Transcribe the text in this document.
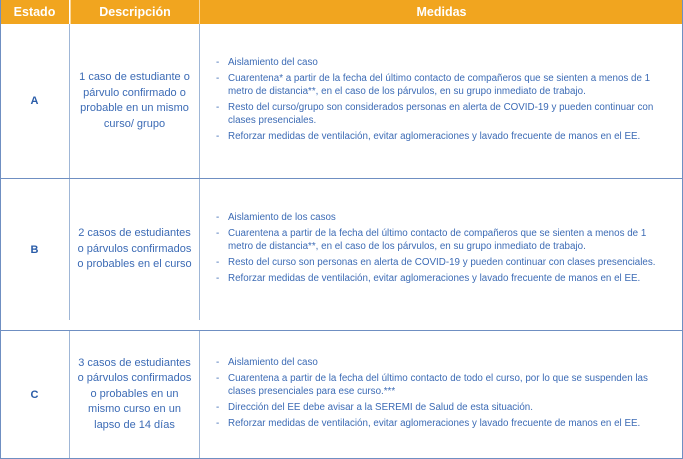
Estado	Descripción	Medidas
A
1 caso de estudiante o párvulo confirmado o probable en un mismo curso/ grupo
- Aislamiento del caso
- Cuarentena* a partir de la fecha del último contacto de compañeros que se sienten a menos de 1 metro de distancia**, en el caso de los párvulos, en su grupo inmediato de trabajo.
- Resto del curso/grupo son considerados personas en alerta de COVID-19 y pueden continuar con clases presenciales.
- Reforzar medidas de ventilación, evitar aglomeraciones y lavado frecuente de manos en el EE.
B
2 casos de estudiantes o párvulos confirmados o probables en el curso
- Aislamiento de los casos
- Cuarentena a partir de la fecha del último contacto de compañeros que se sienten a menos de 1 metro de distancia**, en el caso de los párvulos, en su grupo inmediato de trabajo.
- Resto del curso son personas en alerta de COVID-19 y pueden continuar con clases presenciales.
- Reforzar medidas de ventilación, evitar aglomeraciones y lavado frecuente de manos en el EE.
C
3 casos de estudiantes o párvulos confirmados o probables en un mismo curso en un lapso de 14 días
- Aislamiento del caso
- Cuarentena a partir de la fecha del último contacto de todo el curso, por lo que se suspenden las clases presenciales para ese curso.***
- Dirección del EE debe avisar a la SEREMI de Salud de esta situación.
- Reforzar medidas de ventilación, evitar aglomeraciones y lavado frecuente de manos en el EE.
